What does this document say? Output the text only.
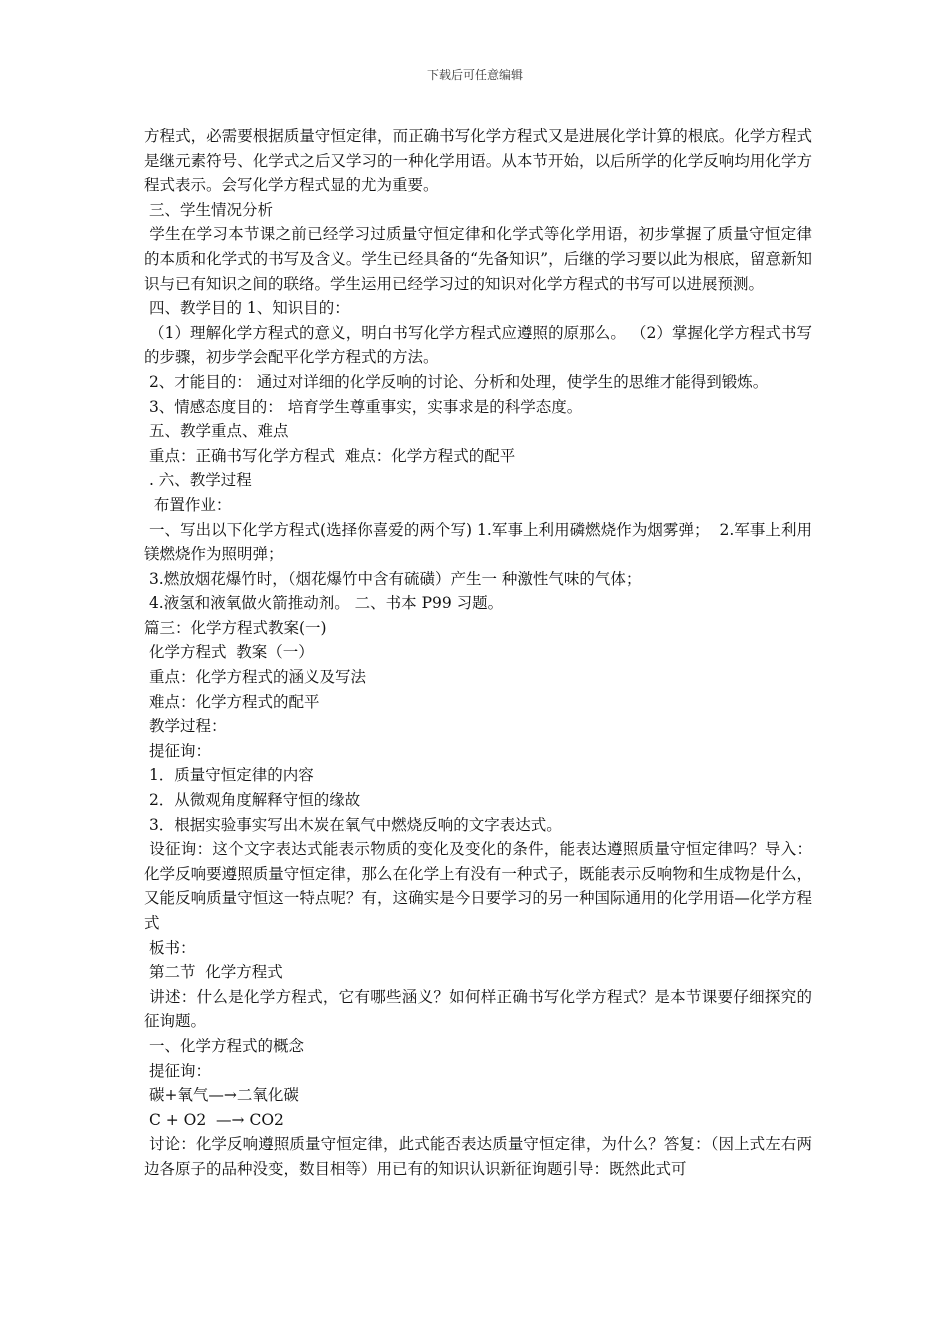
下载后可任意编辑

方程式，必需要根据质量守恒定律，而正确书写化学方程式又是进展化学计算的根底。化学方程式是继元素符号、化学式之后又学习的一种化学用语。从本节开始，以后所学的化学反响均用化学方程式表示。会写化学方程式显的尤为重要。

三、学生情况分析

学生在学习本节课之前已经学习过质量守恒定律和化学式等化学用语，初步掌握了质量守恒定律的本质和化学式的书写及含义。学生已经具备的“先备知识”，后继的学习要以此为根底，留意新知识与已有知识之间的联络。学生运用已经学习过的知识对化学方程式的书写可以进展预测。

四、教学目的 1、知识目的：

（1）理解化学方程式的意义，明白书写化学方程式应遵照的原那么。 （2）掌握化学方程式书写的步骤，初步学会配平化学方程式的方法。

2、才能目的： 通过对详细的化学反响的讨论、分析和处理，使学生的思维才能得到锻炼。

3、情感态度目的： 培育学生尊重事实，实事求是的科学态度。

五、教学重点、难点

重点：正确书写化学方程式  难点：化学方程式的配平

. 六、教学过程

布置作业：

一、写出以下化学方程式(选择你喜爱的两个写) 1.军事上利用磷燃烧作为烟雾弹；  2.军事上利用镁燃烧作为照明弹；

3.燃放烟花爆竹时，（烟花爆竹中含有硫磺）产生一 种激性气味的气体；

4.液氢和液氧做火箭推动剂。 二、书本 P99 习题。

篇三：化学方程式教案(一)

化学方程式  教案（一）

重点：化学方程式的涵义及写法

难点：化学方程式的配平

教学过程：

提征询：

1．质量守恒定律的内容

2．从微观角度解释守恒的缘故

3．根据实验事实写出木炭在氧气中燃烧反响的文字表达式。

设征询：这个文字表达式能表示物质的变化及变化的条件，能表达遵照质量守恒定律吗？导入：化学反响要遵照质量守恒定律，那么在化学上有没有一种式子，既能表示反响物和生成物是什么，又能反响质量守恒这一特点呢？有，这确实是今日要学习的另一种国际通用的化学用语—化学方程式

板书：

第二节  化学方程式

讲述：什么是化学方程式，它有哪些涵义？如何样正确书写化学方程式？是本节课要仔细探究的征询题。

一、化学方程式的概念

提征询：

碳+氧气—→二氧化碳

C + O2  —→ CO2

讨论：化学反响遵照质量守恒定律，此式能否表达质量守恒定律，为什么？答复：（因上式左右两边各原子的品种没变，数目相等）用已有的知识认识新征询题引导：既然此式可
